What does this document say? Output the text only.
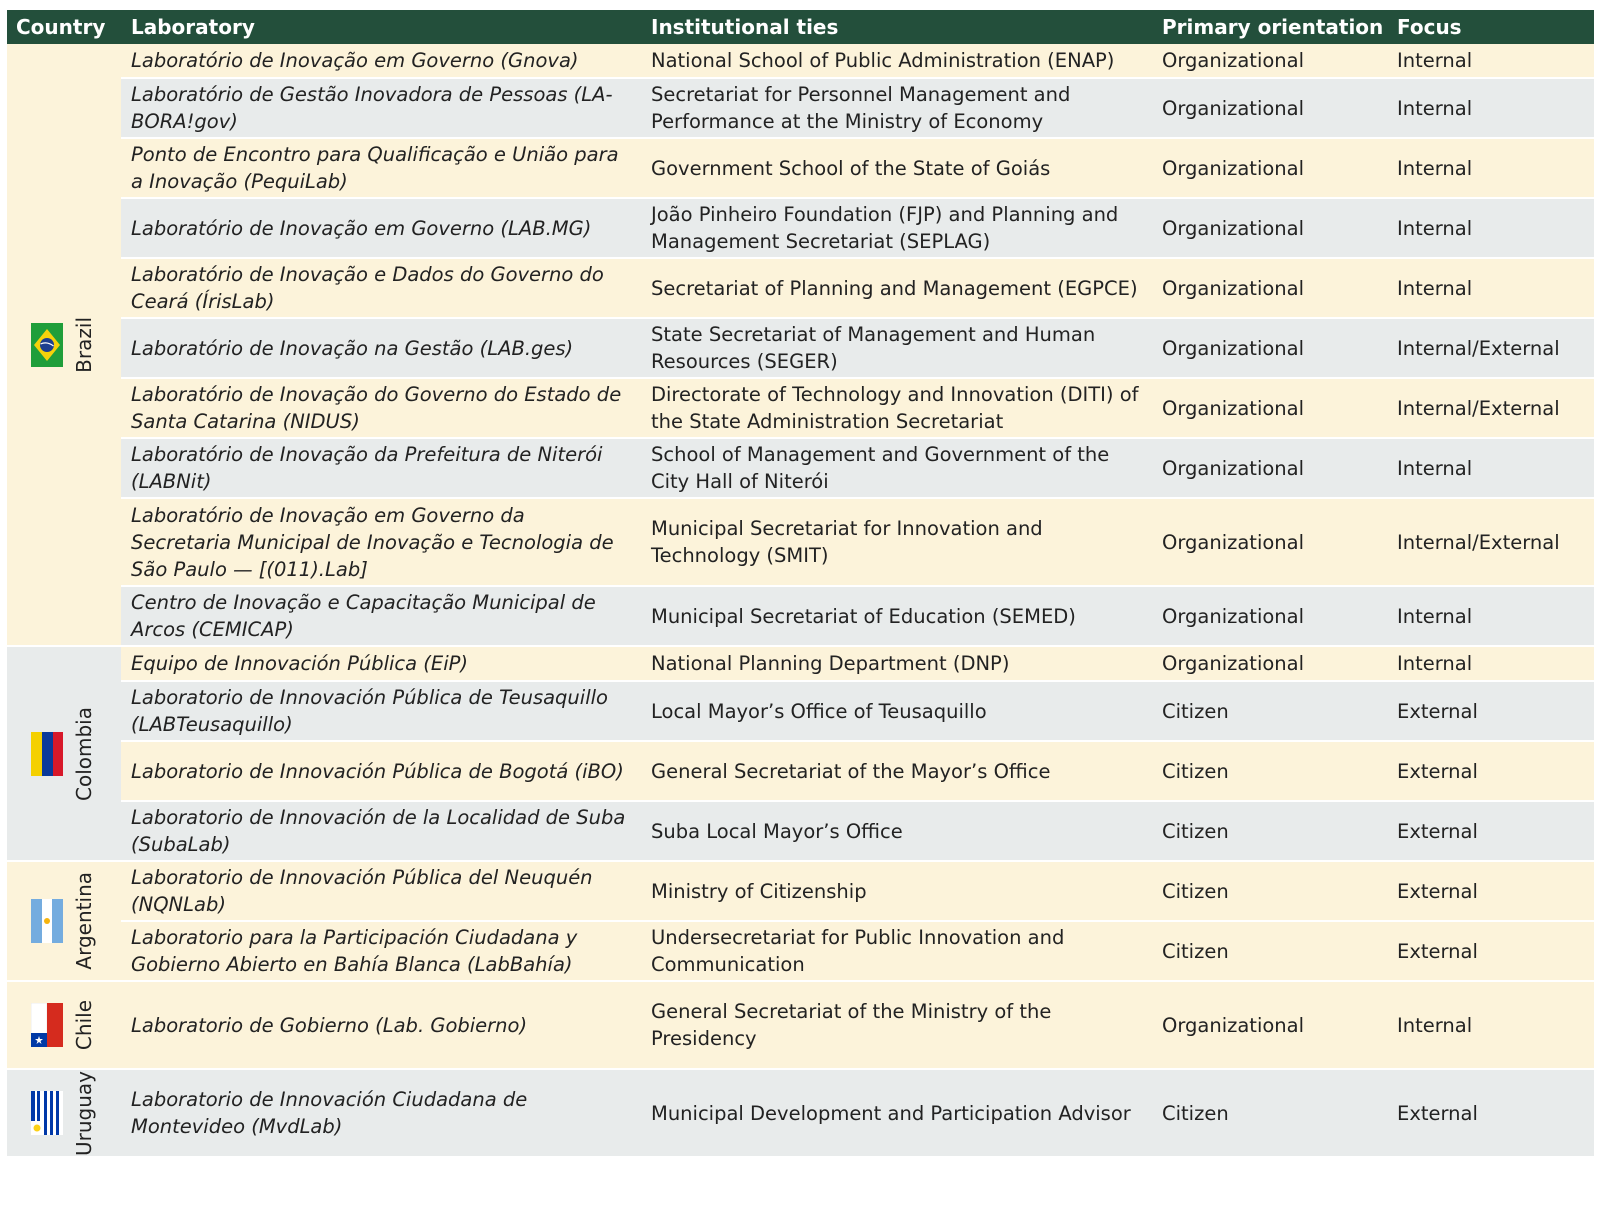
Country	Laboratory	Institutional ties	Primary orientation	Focus

Brazil	Laboratório de Inovação em Governo (Gnova)	National School of Public Administration (ENAP)	Organizational	Internal
	Laboratório de Gestão Inovadora de Pessoas (LA-BORA!gov)	Secretariat for Personnel Management and Performance at the Ministry of Economy	Organizational	Internal
	Ponto de Encontro para Qualificação e União para a Inovação (PequiLab)	Government School of the State of Goiás	Organizational	Internal
	Laboratório de Inovação em Governo (LAB.MG)	João Pinheiro Foundation (FJP) and Planning and Management Secretariat (SEPLAG)	Organizational	Internal
	Laboratório de Inovação e Dados do Governo do Ceará (ÍrisLab)	Secretariat of Planning and Management (EGPCE)	Organizational	Internal
	Laboratório de Inovação na Gestão (LAB.ges)	State Secretariat of Management and Human Resources (SEGER)	Organizational	Internal/External
	Laboratório de Inovação do Governo do Estado de Santa Catarina (NIDUS)	Directorate of Technology and Innovation (DITI) of the State Administration Secretariat	Organizational	Internal/External
	Laboratório de Inovação da Prefeitura de Niterói (LABNit)	School of Management and Government of the City Hall of Niterói	Organizational	Internal
	Laboratório de Inovação em Governo da Secretaria Municipal de Inovação e Tecnologia de São Paulo — [(011).Lab]	Municipal Secretariat for Innovation and Technology (SMIT)	Organizational	Internal/External
	Centro de Inovação e Capacitação Municipal de Arcos (CEMICAP)	Municipal Secretariat of Education (SEMED)	Organizational	Internal

Colombia	Equipo de Innovación Pública (EiP)	National Planning Department (DNP)	Organizational	Internal
	Laboratorio de Innovación Pública de Teusaquillo (LABTeusaquillo)	Local Mayor’s Office of Teusaquillo	Citizen	External
	Laboratorio de Innovación Pública de Bogotá (iBO)	General Secretariat of the Mayor’s Office	Citizen	External
	Laboratorio de Innovación de la Localidad de Suba (SubaLab)	Suba Local Mayor’s Office	Citizen	External

Argentina	Laboratorio de Innovación Pública del Neuquén (NQNLab)	Ministry of Citizenship	Citizen	External
	Laboratorio para la Participación Ciudadana y Gobierno Abierto en Bahía Blanca (LabBahía)	Undersecretariat for Public Innovation and Communication	Citizen	External

Chile	Laboratorio de Gobierno (Lab. Gobierno)	General Secretariat of the Ministry of the Presidency	Organizational	Internal

Uruguay	Laboratorio de Innovación Ciudadana de Montevideo (MvdLab)	Municipal Development and Participation Advisor	Citizen	External
